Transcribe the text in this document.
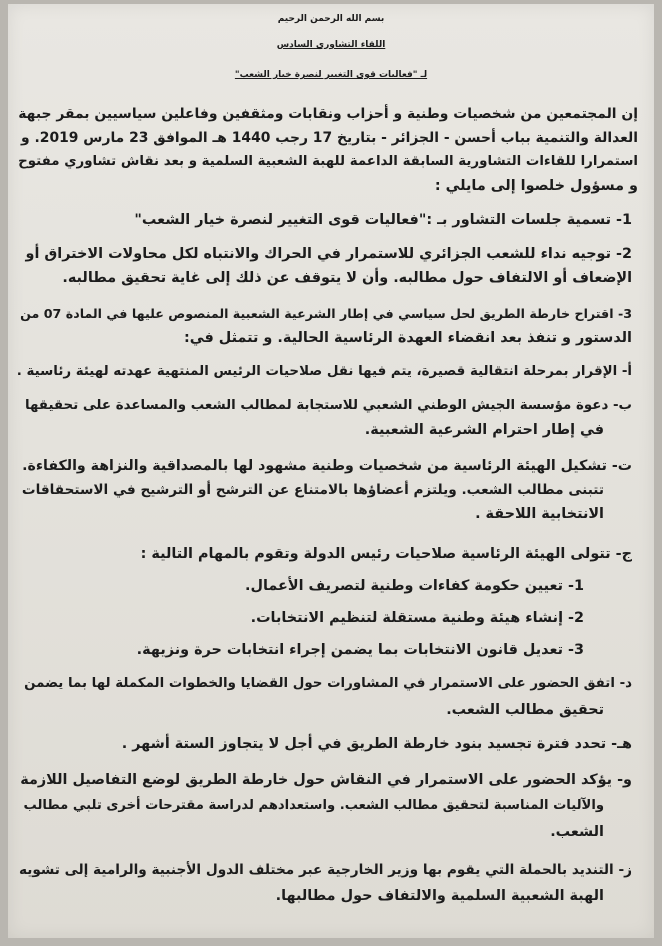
بسم الله الرحمن الرحيم
اللقاء التشاوري السادس
لـ "فعاليات قوى التغيير لنصرة خيار الشعب"
إن المجتمعين من شخصيات وطنية و أحزاب ونقابات ومثقفين وفاعلين سياسيين بمقر جبهة
العدالة والتنمية بباب أحسن - الجزائر - بتاريخ 17 رجب 1440 هـ الموافق 23 مارس 2019. و
استمرارا للقاءات التشاورية السابقة الداعمة للهبة الشعبية السلمية و بعد نقاش تشاوري مفتوح
و مسؤول خلصوا إلى مايلي :
1- تسمية جلسات التشاور بـ :"فعاليات قوى التغيير لنصرة خيار الشعب"
2- توجيه نداء للشعب الجزائري للاستمرار في الحراك والانتباه لكل محاولات الاختراق أو
الإضعاف أو الالتفاف حول مطالبه. وأن لا يتوقف عن ذلك إلى غاية تحقيق مطالبه.
3- اقتراح خارطة الطريق لحل سياسي في إطار الشرعية الشعبية المنصوص عليها في المادة 07 من
الدستور و تنفذ بعد انقضاء العهدة الرئاسية الحالية. و تتمثل في:
أ- الإقرار بمرحلة انتقالية قصيرة، يتم فيها نقل صلاحيات الرئيس المنتهية عهدته لهيئة رئاسية .
ب- دعوة مؤسسة الجيش الوطني الشعبي للاستجابة لمطالب الشعب والمساعدة على تحقيقها
في إطار احترام الشرعية الشعبية.
ت- تشكيل الهيئة الرئاسية من شخصيات وطنية مشهود لها بالمصداقية والنزاهة والكفاءة.
تتبنى مطالب الشعب. ويلتزم أعضاؤها بالامتناع عن الترشح أو الترشيح في الاستحقاقات
الانتخابية اللاحقة .
ج- تتولى الهيئة الرئاسية صلاحيات رئيس الدولة وتقوم بالمهام التالية :
1- تعيين حكومة كفاءات وطنية لتصريف الأعمال.
2- إنشاء هيئة وطنية مستقلة لتنظيم الانتخابات.
3- تعديل قانون الانتخابات بما يضمن إجراء انتخابات حرة ونزيهة.
د- اتفق الحضور على الاستمرار في المشاورات حول القضايا والخطوات المكملة لها بما يضمن
تحقيق مطالب الشعب.
هـ- تحدد فترة تجسيد بنود خارطة الطريق في أجل لا يتجاوز الستة أشهر .
و- يؤكد الحضور على الاستمرار في النقاش حول خارطة الطريق لوضع التفاصيل اللازمة
والآليات المناسبة لتحقيق مطالب الشعب. واستعدادهم لدراسة مقترحات أخرى تلبي مطالب
الشعب.
ز- التنديد بالحملة التي يقوم بها وزير الخارجية عبر مختلف الدول الأجنبية والرامية إلى تشويه
الهبة الشعبية السلمية والالتفاف حول مطالبها.
